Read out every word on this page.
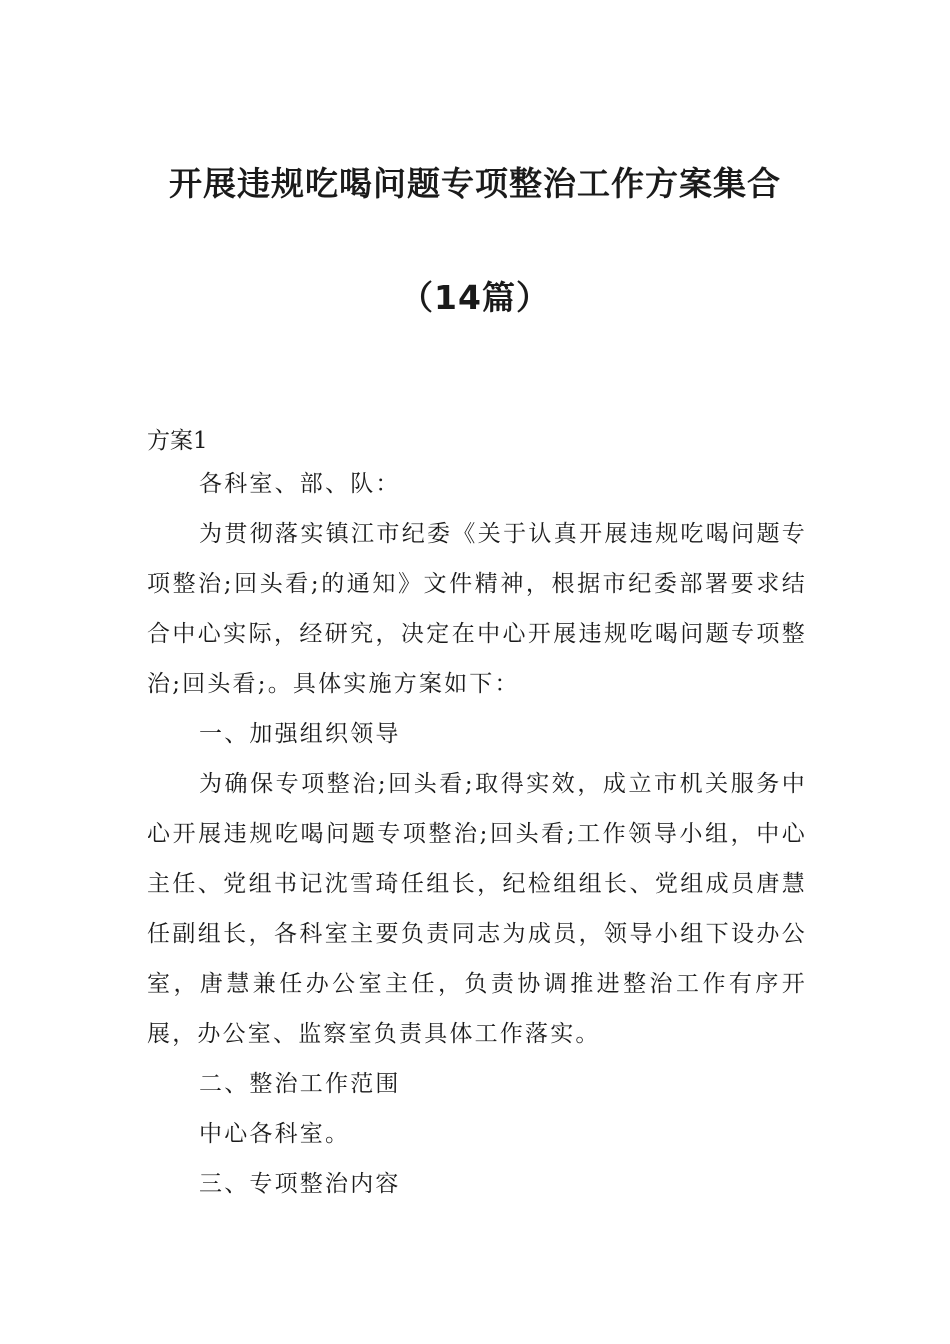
开展违规吃喝问题专项整治工作方案集合
（14篇）
方案1

各科室、部、队：

为贯彻落实镇江市纪委《关于认真开展违规吃喝问题专项整治;回头看;的通知》文件精神，根据市纪委部署要求结合中心实际，经研究，决定在中心开展违规吃喝问题专项整治;回头看;。具体实施方案如下：

一、加强组织领导

为确保专项整治;回头看;取得实效，成立市机关服务中心开展违规吃喝问题专项整治;回头看;工作领导小组，中心主任、党组书记沈雪琦任组长，纪检组组长、党组成员唐慧任副组长，各科室主要负责同志为成员，领导小组下设办公室，唐慧兼任办公室主任，负责协调推进整治工作有序开展，办公室、监察室负责具体工作落实。

二、整治工作范围

中心各科室。

三、专项整治内容
